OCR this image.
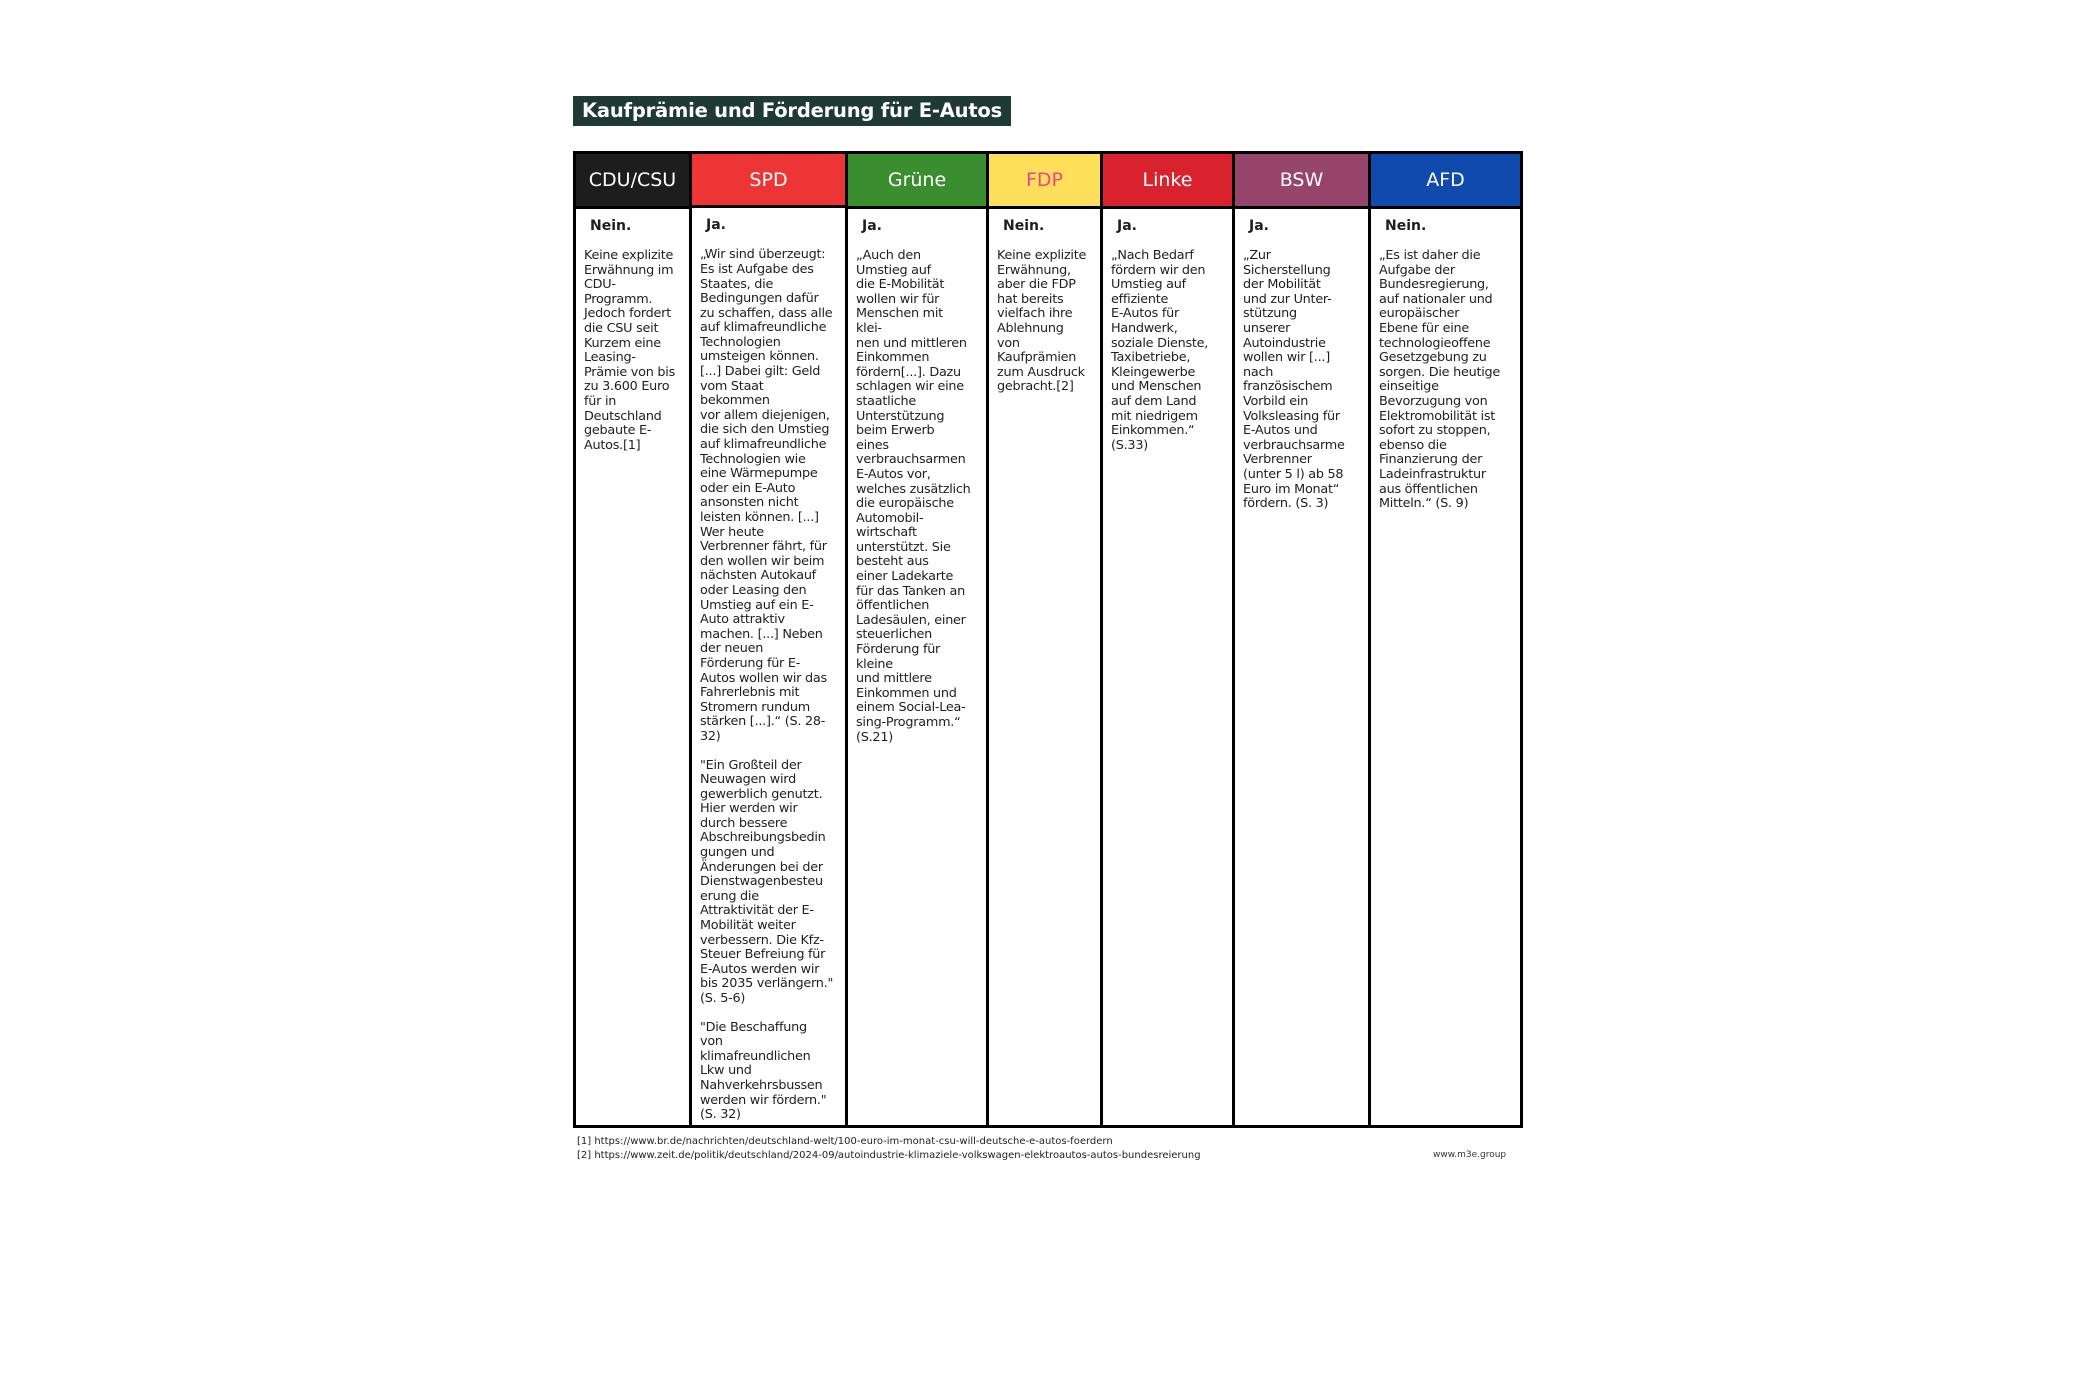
Kaufprämie und Förderung für E-Autos
CDU/CSU
Nein.
Keine explizite
Erwähnung im
CDU-
Programm.
Jedoch fordert
die CSU seit
Kurzem eine
Leasing-
Prämie von bis
zu 3.600 Euro
für in
Deutschland
gebaute E-
Autos.[1]
SPD
Ja.
„Wir sind überzeugt:
Es ist Aufgabe des
Staates, die
Bedingungen dafür
zu schaffen, dass alle
auf klimafreundliche
Technologien
umsteigen können.
[...] Dabei gilt: Geld
vom Staat
bekommen
vor allem diejenigen,
die sich den Umstieg
auf klimafreundliche
Technologien wie
eine Wärmepumpe
oder ein E-Auto
ansonsten nicht
leisten können. [...]
Wer heute
Verbrenner fährt, für
den wollen wir beim
nächsten Autokauf
oder Leasing den
Umstieg auf ein E-
Auto attraktiv
machen. [...] Neben
der neuen
Förderung für E-
Autos wollen wir das
Fahrerlebnis mit
Stromern rundum
stärken [...].“ (S. 28-32)
"Ein Großteil der
Neuwagen wird
gewerblich genutzt.
Hier werden wir
durch bessere
Abschreibungsbedin
gungen und
Änderungen bei der
Dienstwagenbesteu
erung die
Attraktivität der E-
Mobilität weiter
verbessern. Die Kfz-
Steuer Befreiung für
E-Autos werden wir
bis 2035 verlängern."
(S. 5-6)
"Die Beschaffung
von
klimafreundlichen
Lkw und
Nahverkehrsbussen
werden wir fördern."
(S. 32)
Grüne
Ja.
„Auch den
Umstieg auf
die E-Mobilität
wollen wir für
Menschen mit
klei-
nen und mittleren
Einkommen
fördern[...]. Dazu
schlagen wir eine
staatliche
Unterstützung
beim Erwerb
eines
verbrauchsarmen
E-Autos vor,
welches zusätzlich
die europäische
Automobil-
wirtschaft
unterstützt. Sie
besteht aus
einer Ladekarte
für das Tanken an
öffentlichen
Ladesäulen, einer
steuerlichen
Förderung für
kleine
und mittlere
Einkommen und
einem Social-Lea-
sing-Programm.“
(S.21)
FDP
Nein.
Keine explizite
Erwähnung,
aber die FDP
hat bereits
vielfach ihre
Ablehnung
von
Kaufprämien
zum Ausdruck
gebracht.[2]
Linke
Ja.
„Nach Bedarf
fördern wir den
Umstieg auf
effiziente
E-Autos für
Handwerk,
soziale Dienste,
Taxibetriebe,
Kleingewerbe
und Menschen
auf dem Land
mit niedrigem
Einkommen.“
(S.33)
BSW
Ja.
„Zur
Sicherstellung
der Mobilität
und zur Unter-
stützung
unserer
Autoindustrie
wollen wir [...]
nach
französischem
Vorbild ein
Volksleasing für
E-Autos und
verbrauchsarme
Verbrenner
(unter 5 l) ab 58
Euro im Monat“
fördern. (S. 3)
AFD
Nein.
„Es ist daher die
Aufgabe der
Bundesregierung,
auf nationaler und
europäischer
Ebene für eine
technologieoffene
Gesetzgebung zu
sorgen. Die heutige
einseitige
Bevorzugung von
Elektromobilität ist
sofort zu stoppen,
ebenso die
Finanzierung der
Ladeinfrastruktur
aus öffentlichen
Mitteln.“ (S. 9)
[1] https://www.br.de/nachrichten/deutschland-welt/100-euro-im-monat-csu-will-deutsche-e-autos-foerdern
[2] https://www.zeit.de/politik/deutschland/2024-09/autoindustrie-klimaziele-volkswagen-elektroautos-autos-bundesreierung	www.m3e.group
